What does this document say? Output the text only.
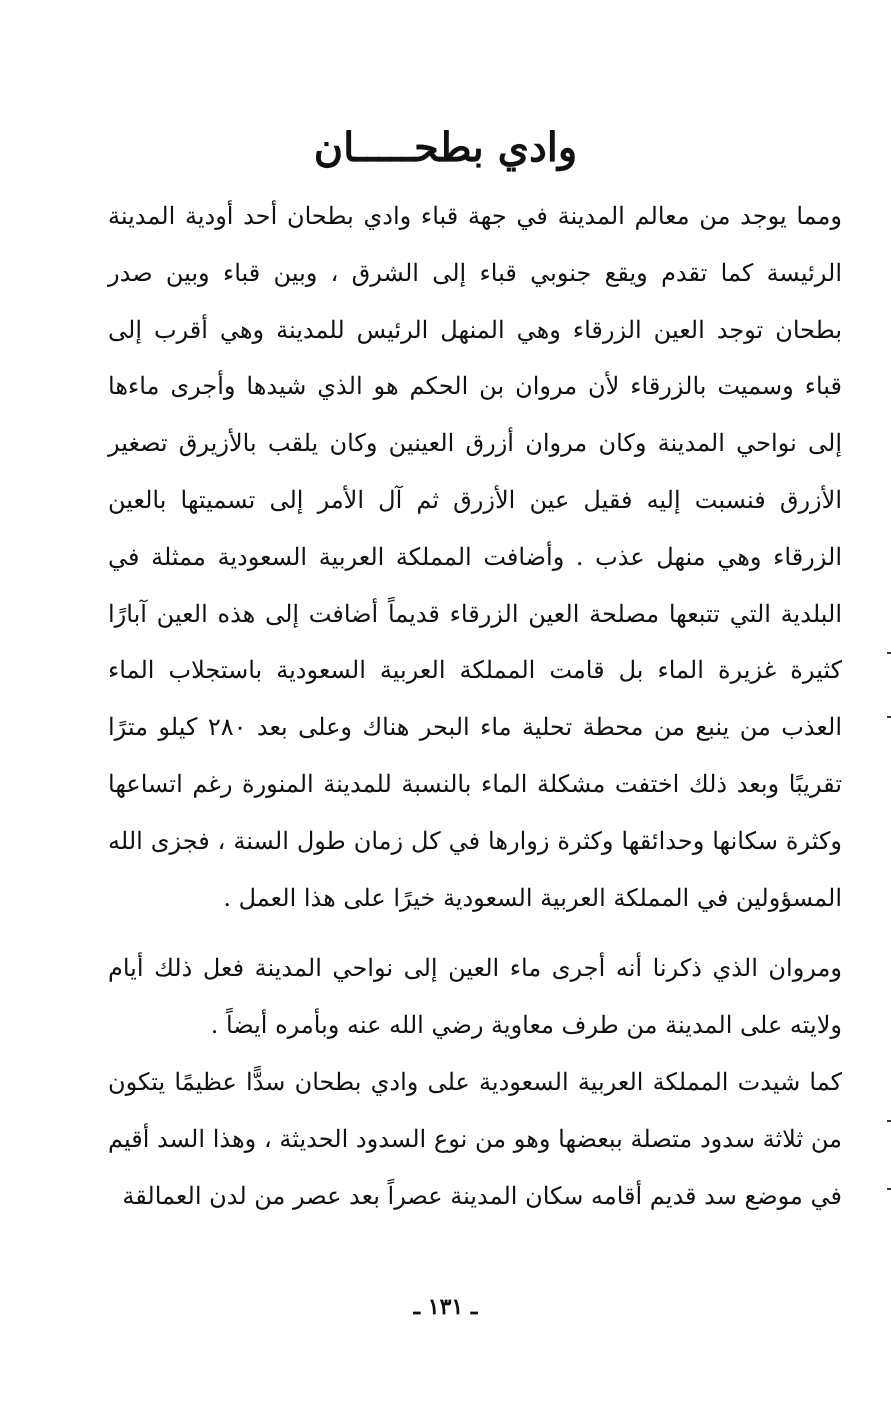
وادي بطحـــــان

ومما يوجد من معالم المدينة في جهة قباء وادي بطحان أحد أودية المدينة الرئيسة كما تقدم ويقع جنوبي قباء إلى الشرق ، وبين قباء وبين صدر بطحان توجد العين الزرقاء وهي المنهل الرئيس للمدينة وهي أقرب إلى قباء وسميت بالزرقاء لأن مروان بن الحكم هو الذي شيدها وأجرى ماءها إلى نواحي المدينة وكان مروان أزرق العينين وكان يلقب بالأزيرق تصغير الأزرق فنسبت إليه فقيل عين الأزرق ثم آل الأمر إلى تسميتها بالعين الزرقاء وهي منهل عذب . وأضافت المملكة العربية السعودية ممثلة في البلدية التي تتبعها مصلحة العين الزرقاء قديماً أضافت إلى هذه العين آبارًا كثيرة غزيرة الماء بل قامت المملكة العربية السعودية باستجلاب الماء العذب من ينبع من محطة تحلية ماء البحر هناك وعلى بعد ٢٨٠ كيلو مترًا تقريبًا وبعد ذلك اختفت مشكلة الماء بالنسبة للمدينة المنورة رغم اتساعها وكثرة سكانها وحدائقها وكثرة زوارها في كل زمان طول السنة ، فجزى الله المسؤولين في المملكة العربية السعودية خيرًا على هذا العمل .

ومروان الذي ذكرنا أنه أجرى ماء العين إلى نواحي المدينة فعل ذلك أيام ولايته على المدينة من طرف معاوية رضي الله عنه وبأمره أيضاً .

كما شيدت المملكة العربية السعودية على وادي بطحان سدًّا عظيمًا يتكون من ثلاثة سدود متصلة ببعضها وهو من نوع السدود الحديثة ، وهذا السد أقيم في موضع سد قديم أقامه سكان المدينة عصراً بعد عصر من لدن العمالقة

ـ ١٣١ ـ
